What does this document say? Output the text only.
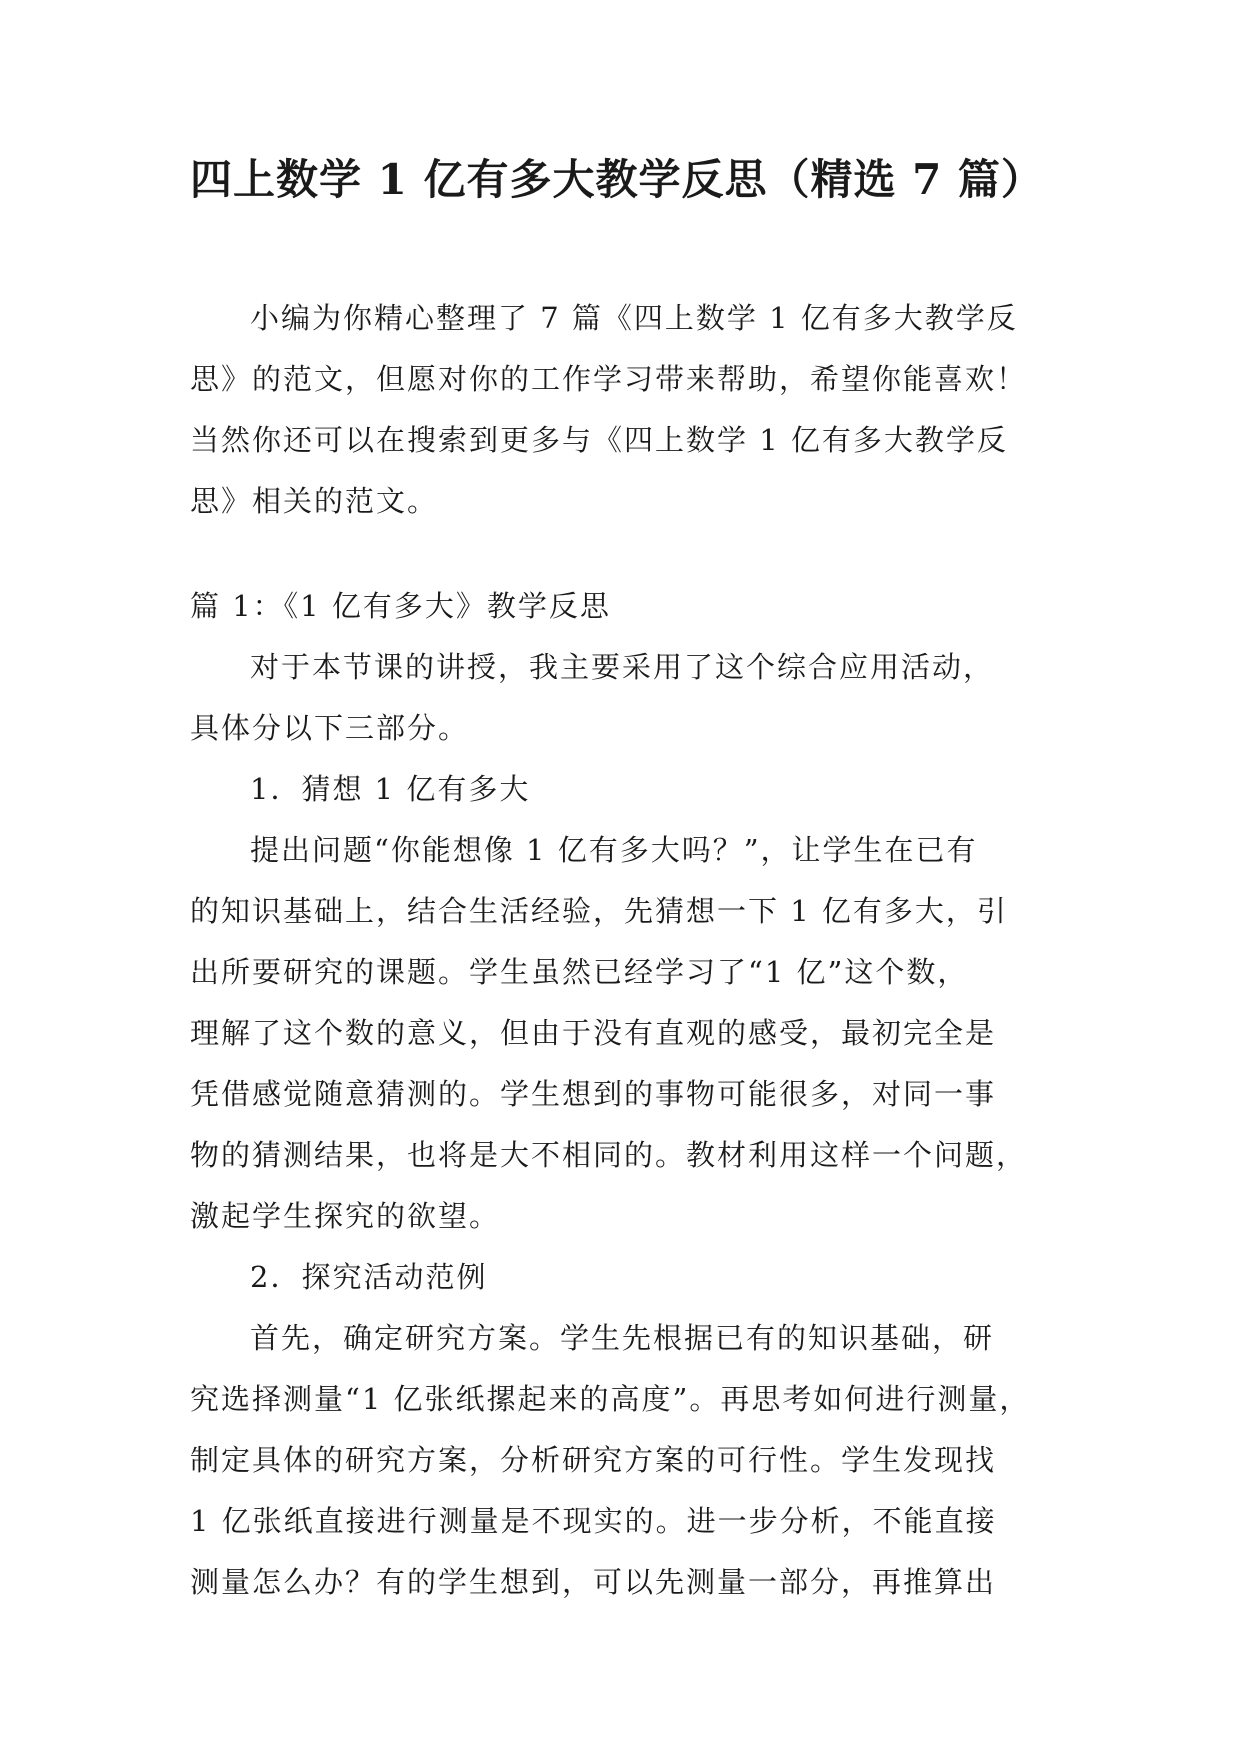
四上数学 1 亿有多大教学反思（精选 7 篇）
小编为你精心整理了 7 篇《四上数学 1 亿有多大教学反
思》的范文，但愿对你的工作学习带来帮助，希望你能喜欢！
当然你还可以在搜索到更多与《四上数学 1 亿有多大教学反
思》相关的范文。
篇 1：《1 亿有多大》教学反思
对于本节课的讲授，我主要采用了这个综合应用活动，
具体分以下三部分。
1．猜想 1 亿有多大
提出问题“你能想像 1 亿有多大吗？”，让学生在已有
的知识基础上，结合生活经验，先猜想一下 1 亿有多大，引
出所要研究的课题。学生虽然已经学习了“1 亿”这个数，
理解了这个数的意义，但由于没有直观的感受，最初完全是
凭借感觉随意猜测的。学生想到的事物可能很多，对同一事
物的猜测结果，也将是大不相同的。教材利用这样一个问题，
激起学生探究的欲望。
2．探究活动范例
首先，确定研究方案。学生先根据已有的知识基础，研
究选择测量“1 亿张纸摞起来的高度”。再思考如何进行测量，
制定具体的研究方案，分析研究方案的可行性。学生发现找
1 亿张纸直接进行测量是不现实的。进一步分析，不能直接
测量怎么办？有的学生想到，可以先测量一部分，再推算出
